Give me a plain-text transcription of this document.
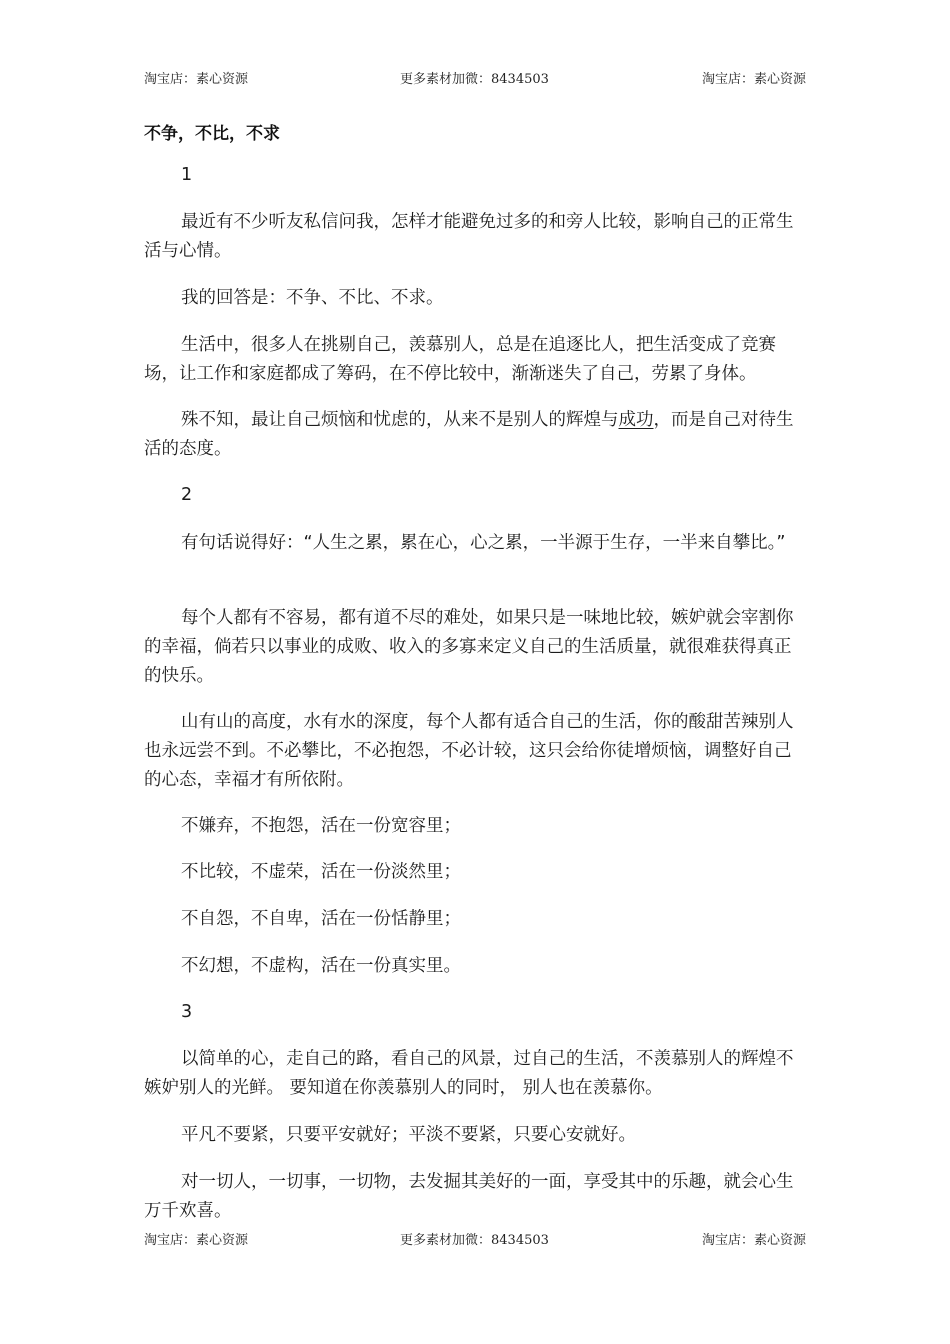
淘宝店：素心资源	更多素材加微：8434503	淘宝店：素心资源
不争，不比，不求
1
最近有不少听友私信问我，怎样才能避免过多的和旁人比较，影响自己的正常生活与心情。
我的回答是：不争、不比、不求。
生活中，很多人在挑剔自己，羡慕别人，总是在追逐比人，把生活变成了竞赛场，让工作和家庭都成了筹码，在不停比较中，渐渐迷失了自己，劳累了身体。
殊不知，最让自己烦恼和忧虑的，从来不是别人的辉煌与成功，而是自己对待生活的态度。
2
有句话说得好：“人生之累，累在心，心之累，一半源于生存，一半来自攀比。”
每个人都有不容易，都有道不尽的难处，如果只是一味地比较，嫉妒就会宰割你的幸福，倘若只以事业的成败、收入的多寡来定义自己的生活质量，就很难获得真正的快乐。
山有山的高度，水有水的深度，每个人都有适合自己的生活，你的酸甜苦辣别人也永远尝不到。不必攀比，不必抱怨，不必计较，这只会给你徒增烦恼，调整好自己的心态，幸福才有所依附。
不嫌弃，不抱怨，活在一份宽容里；
不比较，不虚荣，活在一份淡然里；
不自怨，不自卑，活在一份恬静里；
不幻想，不虚构，活在一份真实里。
3
以简单的心，走自己的路，看自己的风景，过自己的生活，不羡慕别人的辉煌不嫉妒别人的光鲜。 要知道在你羡慕别人的同时， 别人也在羡慕你。
平凡不要紧，只要平安就好；平淡不要紧，只要心安就好。
对一切人，一切事，一切物，去发掘其美好的一面，享受其中的乐趣，就会心生万千欢喜。
淘宝店：素心资源	更多素材加微：8434503	淘宝店：素心资源
